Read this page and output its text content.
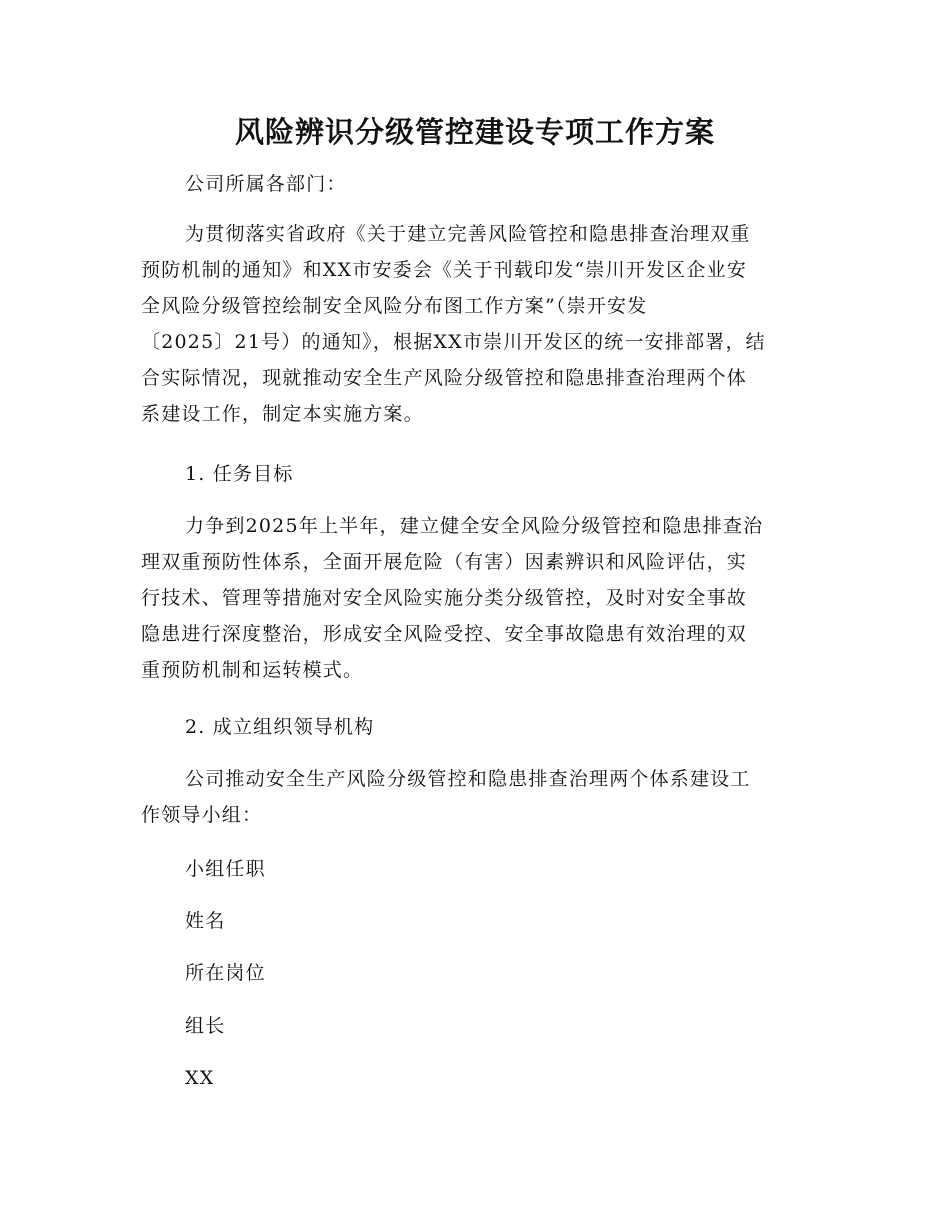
风险辨识分级管控建设专项工作方案

公司所属各部门：

为贯彻落实省政府《关于建立完善风险管控和隐患排查治理双重
预防机制的通知》和XX市安委会《关于刊载印发“崇川开发区企业安
全风险分级管控绘制安全风险分布图工作方案”（崇开安发
〔2025〕21号）的通知》，根据XX市崇川开发区的统一安排部署，结
合实际情况，现就推动安全生产风险分级管控和隐患排查治理两个体
系建设工作，制定本实施方案。

1. 任务目标

力争到2025年上半年，建立健全安全风险分级管控和隐患排查治
理双重预防性体系，全面开展危险（有害）因素辨识和风险评估，实
行技术、管理等措施对安全风险实施分类分级管控，及时对安全事故
隐患进行深度整治，形成安全风险受控、安全事故隐患有效治理的双
重预防机制和运转模式。

2. 成立组织领导机构

公司推动安全生产风险分级管控和隐患排查治理两个体系建设工
作领导小组：

小组任职

姓名

所在岗位

组长

XX
